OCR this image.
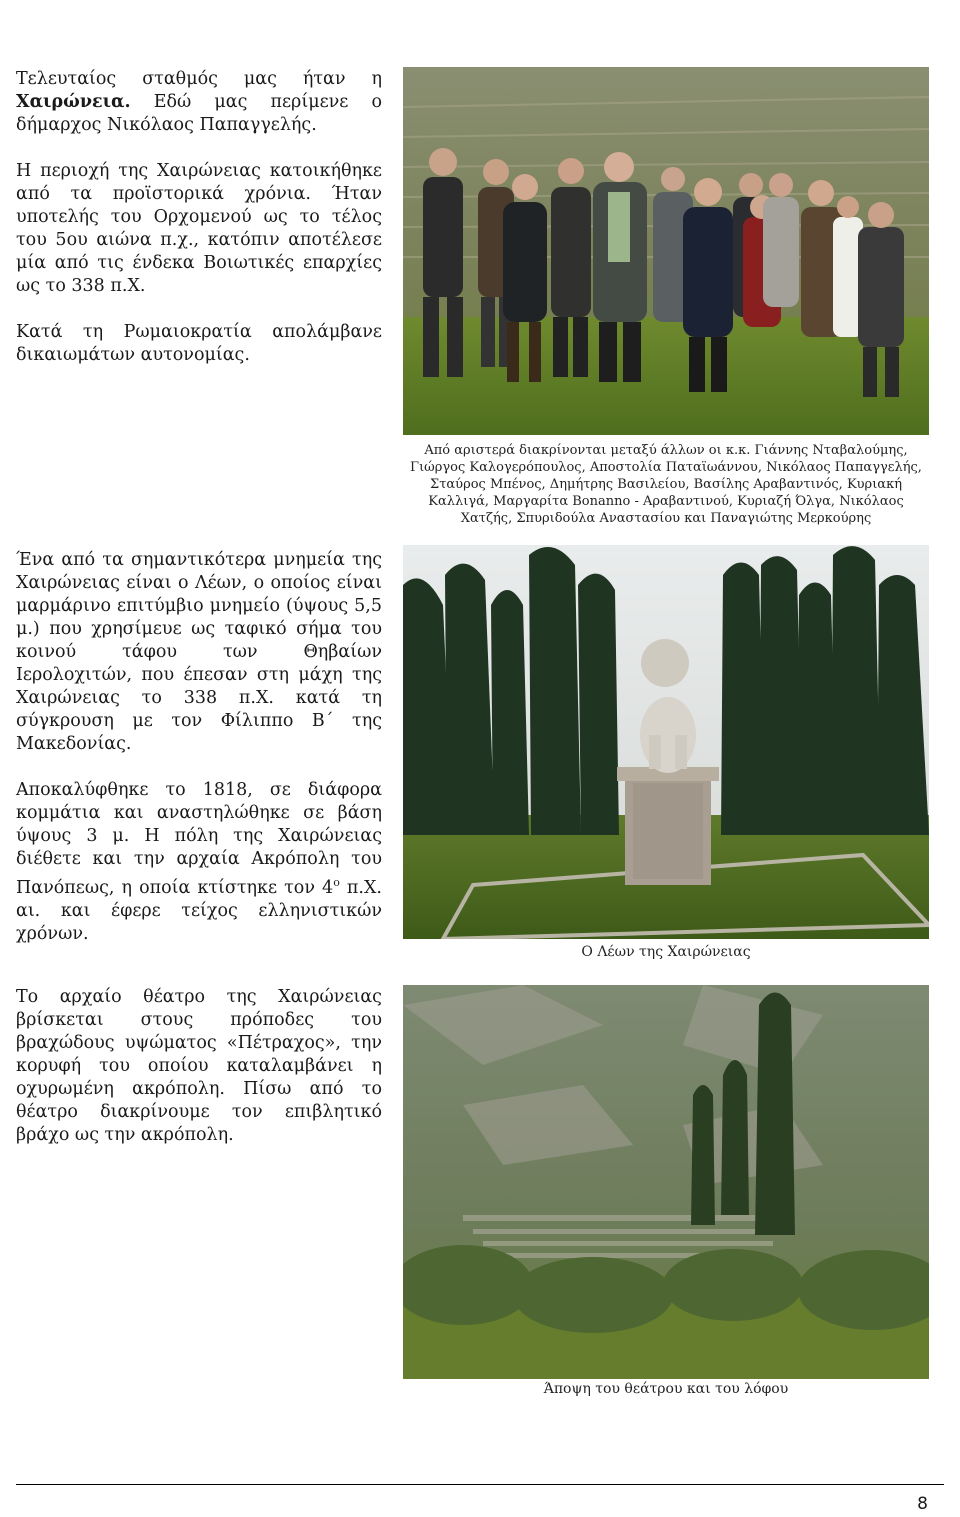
Τελευταίος σταθμός μας ήταν η Χαιρώνεια. Εδώ μας περίμενε ο δήμαρχος Νικόλαος Παπαγγελής.

Η περιοχή της Χαιρώνειας κατοικήθηκε από τα προϊστορικά χρόνια. Ήταν υποτελής του Ορχομενού ως το τέλος του 5ου αιώνα π.χ., κατόπιν αποτέλεσε μία από τις ένδεκα Βοιωτικές επαρχίες ως το 338 π.Χ.

Κατά τη Ρωμαιοκρατία απολάμβανε δικαιωμάτων αυτονομίας.

Ένα από τα σημαντικότερα μνημεία της Χαιρώνειας είναι ο Λέων, ο οποίος είναι μαρμάρινο επιτύμβιο μνημείο (ύψους 5,5 μ.) που χρησίμευε ως ταφικό σήμα του κοινού τάφου των Θηβαίων Ιερολοχιτών, που έπεσαν στη μάχη της Χαιρώνειας το 338 π.Χ. κατά τη σύγκρουση με τον Φίλιππο Β΄ της Μακεδονίας.

Αποκαλύφθηκε το 1818, σε διάφορα κομμάτια και αναστηλώθηκε σε βάση ύψους 3 μ. Η πόλη της Χαιρώνειας διέθετε και την αρχαία Ακρόπολη του Πανόπεως, η οποία κτίστηκε τον $4^o$ π.Χ. αι. και έφερε τείχος ελληνιστικών χρόνων.

Το αρχαίο θέατρο της Χαιρώνειας βρίσκεται στους πρόποδες του βραχώδους υψώματος «Πέτραχος», την κορυφή του οποίου καταλαμβάνει η οχυρωμένη ακρόπολη. Πίσω από το θέατρο διακρίνουμε τον επιβλητικό βράχο ως την ακρόπολη.

Από αριστερά διακρίνονται μεταξύ άλλων οι κ.κ. Γιάννης Νταβαλούμης, Γιώργος Καλογερόπουλος, Αποστολία Παταϊωάννου, Νικόλαος Παπαγγελής, Σταύρος Μπένος, Δημήτρης Βασιλείου, Βασίλης Αραβαντινός, Κυριακή Καλλιγά, Μαργαρίτα Bonanno - Αραβαντινού, Κυριαζή Όλγα, Νικόλαος Χατζής, Σπυριδούλα Αναστασίου και Παναγιώτης Μερκούρης
Ο Λέων της Χαιρώνειας
Άποψη του θεάτρου και του λόφου
8
